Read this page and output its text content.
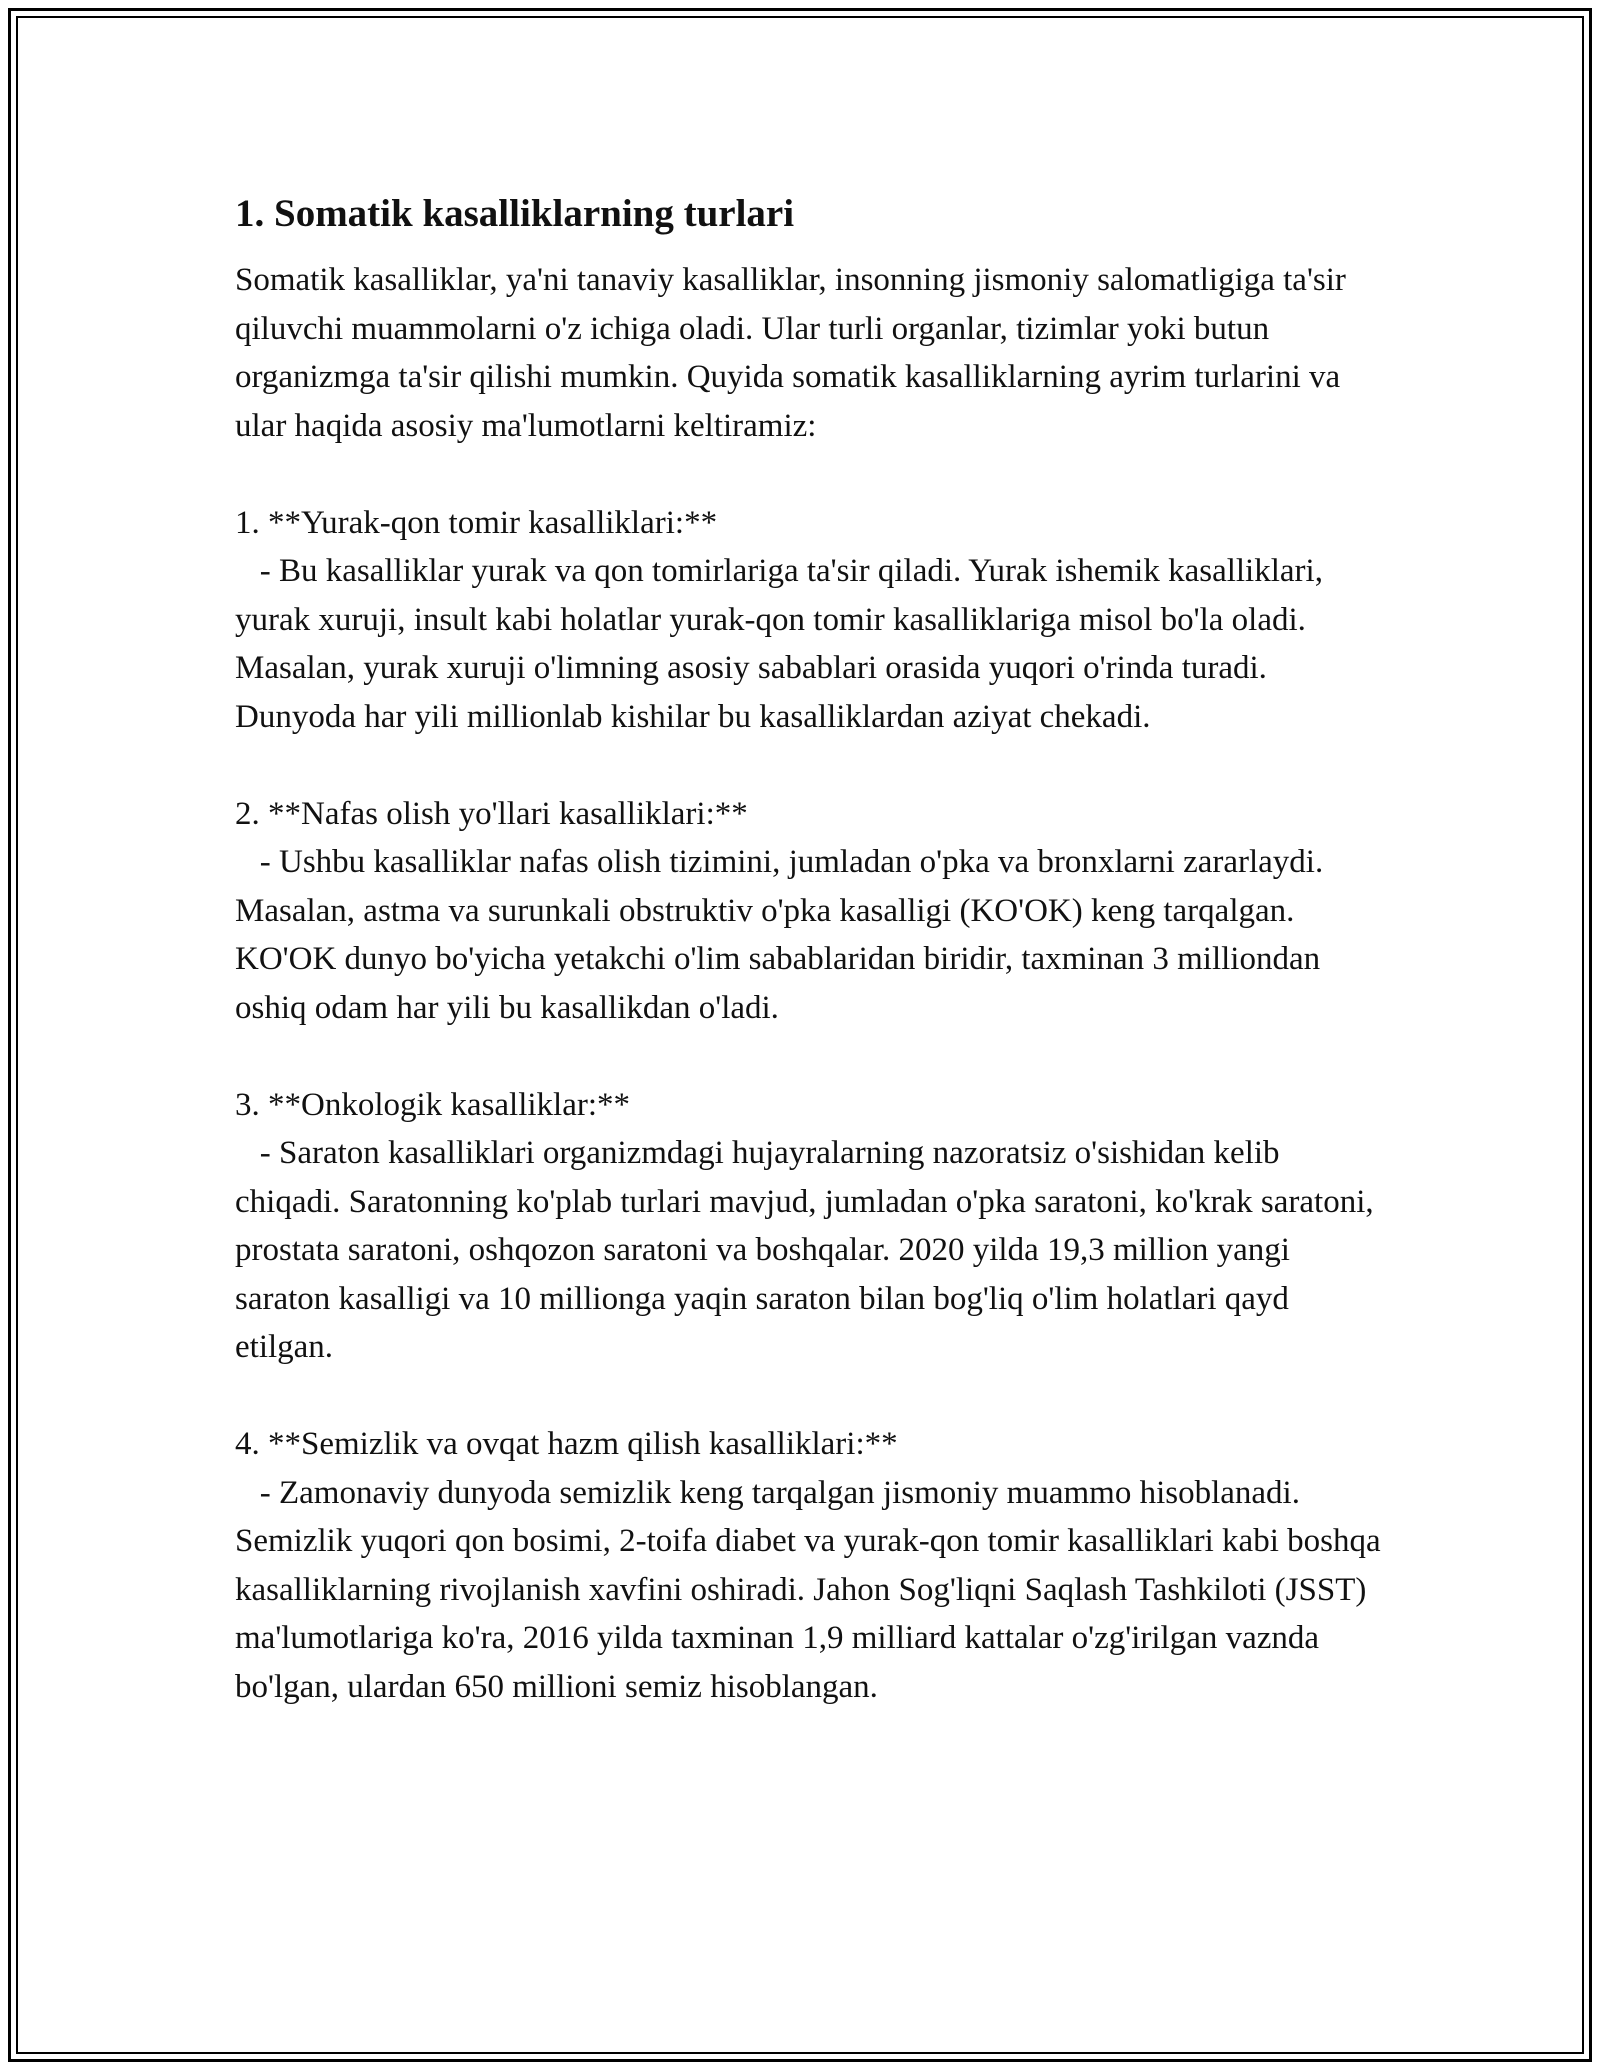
1. Somatik kasalliklarning turlari

Somatik kasalliklar, ya'ni tanaviy kasalliklar, insonning jismoniy salomatligiga ta'sir qiluvchi muammolarni o'z ichiga oladi. Ular turli organlar, tizimlar yoki butun organizmga ta'sir qilishi mumkin. Quyida somatik kasalliklarning ayrim turlarini va ular haqida asosiy ma'lumotlarni keltiramiz:

1. **Yurak-qon tomir kasalliklari:**

- Bu kasalliklar yurak va qon tomirlariga ta'sir qiladi. Yurak ishemik kasalliklari, yurak xuruji, insult kabi holatlar yurak-qon tomir kasalliklariga misol bo'la oladi. Masalan, yurak xuruji o'limning asosiy sabablari orasida yuqori o'rinda turadi. Dunyoda har yili millionlab kishilar bu kasalliklardan aziyat chekadi.

2. **Nafas olish yo'llari kasalliklari:**

- Ushbu kasalliklar nafas olish tizimini, jumladan o'pka va bronxlarni zararlaydi. Masalan, astma va surunkali obstruktiv o'pka kasalligi (KO'OK) keng tarqalgan. KO'OK dunyo bo'yicha yetakchi o'lim sabablaridan biridir, taxminan 3 milliondan oshiq odam har yili bu kasallikdan o'ladi.

3. **Onkologik kasalliklar:**

- Saraton kasalliklari organizmdagi hujayralarning nazoratsiz o'sishidan kelib chiqadi. Saratonning ko'plab turlari mavjud, jumladan o'pka saratoni, ko'krak saratoni, prostata saratoni, oshqozon saratoni va boshqalar. 2020 yilda 19,3 million yangi saraton kasalligi va 10 millionga yaqin saraton bilan bog'liq o'lim holatlari qayd etilgan.

4. **Semizlik va ovqat hazm qilish kasalliklari:**

- Zamonaviy dunyoda semizlik keng tarqalgan jismoniy muammo hisoblanadi. Semizlik yuqori qon bosimi, 2-toifa diabet va yurak-qon tomir kasalliklari kabi boshqa kasalliklarning rivojlanish xavfini oshiradi. Jahon Sog'liqni Saqlash Tashkiloti (JSST) ma'lumotlariga ko'ra, 2016 yilda taxminan 1,9 milliard kattalar o'zg'irilgan vaznda bo'lgan, ulardan 650 millioni semiz hisoblangan.
